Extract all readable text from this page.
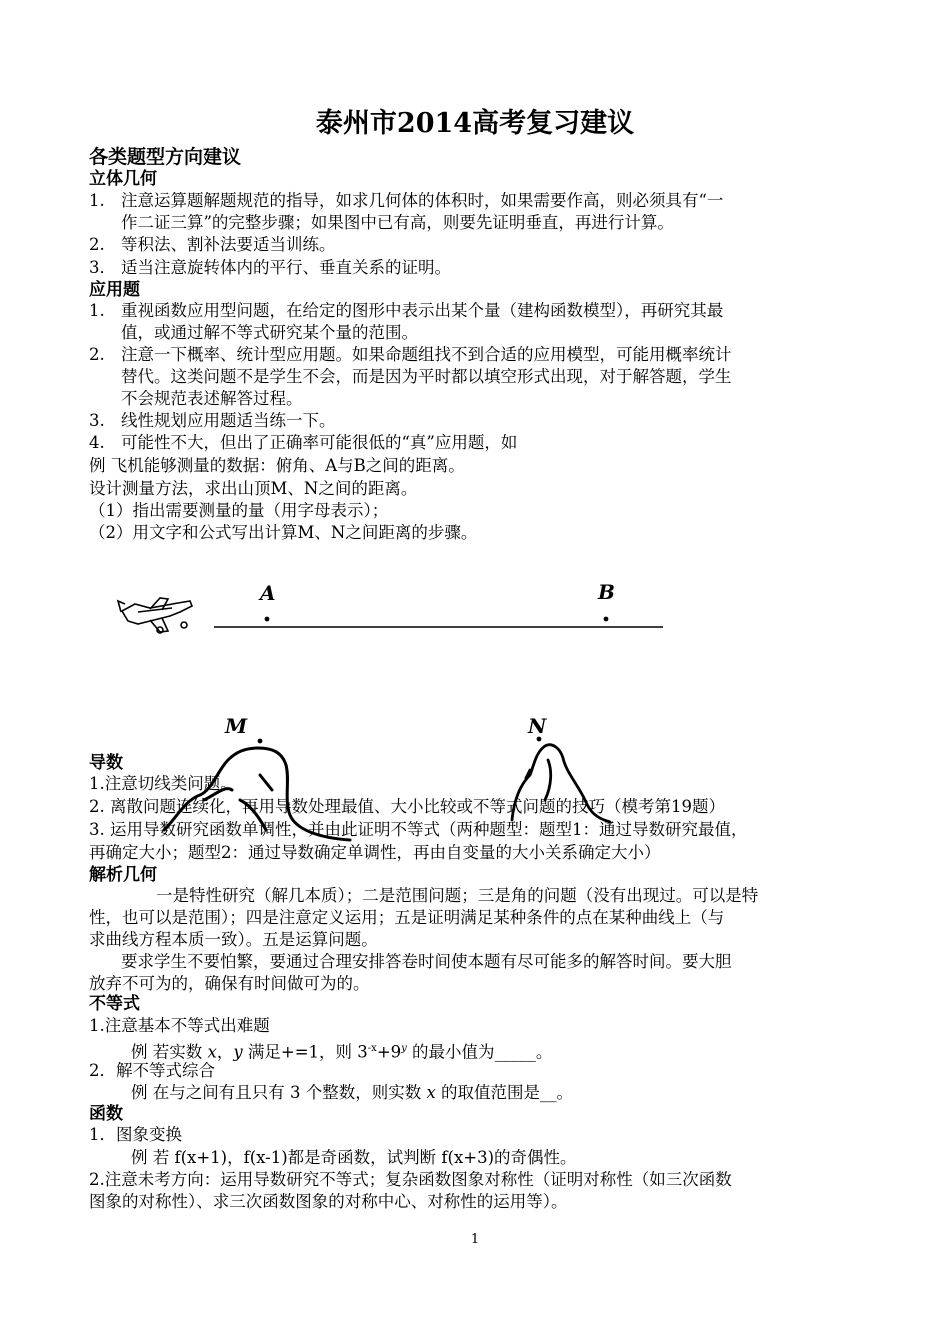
泰州市2014高考复习建议
各类题型方向建议
立体几何
1. 注意运算题解题规范的指导，如求几何体的体积时，如果需要作高，则必须具有“一
作二证三算”的完整步骤；如果图中已有高，则要先证明垂直，再进行计算。
2. 等积法、割补法要适当训练。
3． 适当注意旋转体内的平行、垂直关系的证明。
应用题
1. 重视函数应用型问题，在给定的图形中表示出某个量（建构函数模型），再研究其最
值，或通过解不等式研究某个量的范围。
2. 注意一下概率、统计型应用题。如果命题组找不到合适的应用模型，可能用概率统计
替代。这类问题不是学生不会，而是因为平时都以填空形式出现，对于解答题，学生
不会规范表述解答过程。
3. 线性规划应用题适当练一下。
4. 可能性不大，但出了正确率可能很低的“真”应用题，如
例 飞机能够测量的数据：俯角、A与B之间的距离。
设计测量方法，求出山顶M、N之间的距离。
（1）指出需要测量的量（用字母表示）；
（2）用文字和公式写出计算M、N之间距离的步骤。
A	B
M	N
导数
1.注意切线类问题。
2. 离散问题连续化，再用导数处理最值、大小比较或不等式问题的技巧（模考第19题）
3. 运用导数研究函数单调性，并由此证明不等式（两种题型：题型1：通过导数研究最值，
再确定大小；题型2：通过导数确定单调性，再由自变量的大小关系确定大小）
解析几何
一是特性研究（解几本质）；二是范围问题；三是角的问题（没有出现过。可以是特
性，也可以是范围）；四是注意定义运用；五是证明满足某种条件的点在某种曲线上（与
求曲线方程本质一致）。五是运算问题。
要求学生不要怕繁，要通过合理安排答卷时间使本题有尽可能多的解答时间。要大胆
放弃不可为的，确保有时间做可为的。
不等式
1.注意基本不等式出难题
例 若实数 x，y 满足+=1，则 $3^{-x}+9^y$ 的最小值为_____。
2．解不等式综合
例 在与之间有且只有 3 个整数，则实数 x 的取值范围是__。
函数
1．图象变换
例 若 f(x+1)，f(x-1)都是奇函数，试判断 f(x+3)的奇偶性。
2.注意未考方向：运用导数研究不等式；复杂函数图象对称性（证明对称性（如三次函数
图象的对称性）、求三次函数图象的对称中心、对称性的运用等）。
1
